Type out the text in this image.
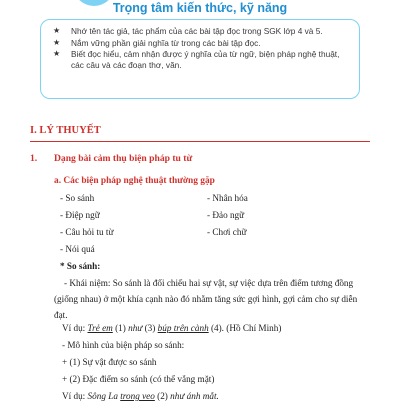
Trọng tâm kiến thức, kỹ năng
★ Nhớ tên tác giả, tác phẩm của các bài tập đọc trong SGK lớp 4 và 5.
★ Nắm vững phần giải nghĩa từ trong các bài tập đọc.
★ Biết đọc hiểu, cảm nhận được ý nghĩa của từ ngữ, biện pháp nghệ thuật, các câu và các đoạn thơ, văn.
I. LÝ THUYẾT
1. Dạng bài cảm thụ biện pháp tu từ
a. Các biện pháp nghệ thuật thường gặp
- So sánh
- Điệp ngữ
- Câu hỏi tu từ
- Nói quá
- Nhân hóa
- Đảo ngữ
- Chơi chữ
* So sánh:

- Khái niệm: So sánh là đối chiếu hai sự vật, sự việc dựa trên điểm tương đồng (giống nhau) ở một khía cạnh nào đó nhằm tăng sức gợi hình, gợi cảm cho sự diễn đạt.

Ví dụ: Trẻ em (1) như (3) búp trên cành (4). (Hồ Chí Minh)
- Mô hình của biện pháp so sánh:
+ (1) Sự vật được so sánh
+ (2) Đặc điểm so sánh (có thể vắng mặt)
Ví dụ: Sông La trong veo (2) như ánh mắt.
